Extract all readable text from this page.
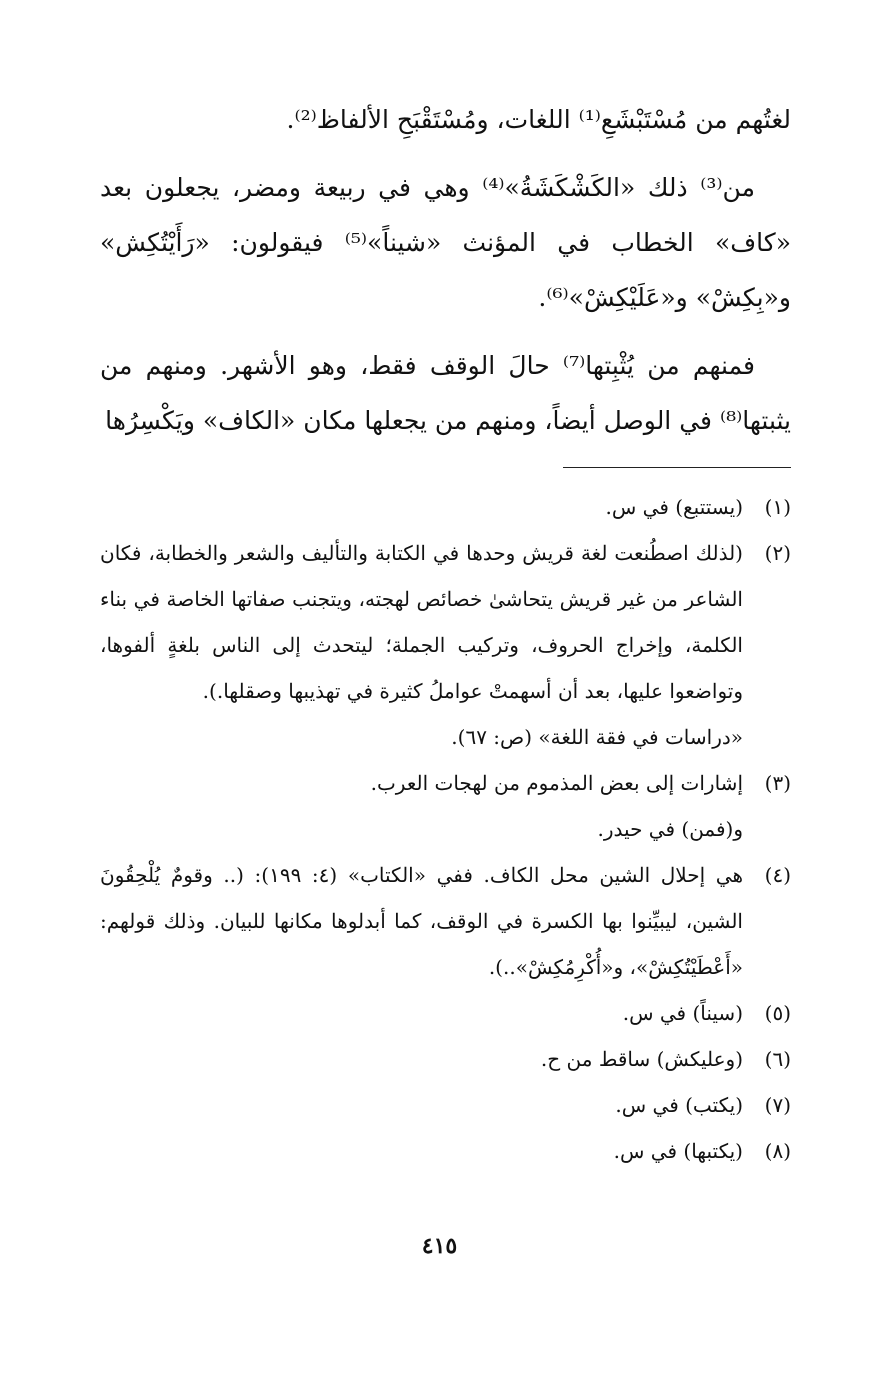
لغتُهم من مُسْتَبْشَعِ⁽¹⁾ اللغات، ومُسْتَقْبَحِ الألفاظ⁽²⁾.

من⁽³⁾ ذلك «الكَشْكَشَةُ»⁽⁴⁾ وهي في ربيعة ومضر، يجعلون بعد «كاف» الخطاب في المؤنث «شيناً»⁽⁵⁾ فيقولون: «رَأَيْتُكِش» و«بِكِشْ» و«عَلَيْكِشْ»⁽⁶⁾.

فمنهم من يُثْبِتها⁽⁷⁾ حالَ الوقف فقط، وهو الأشهر. ومنهم من يثبتها⁽⁸⁾ في الوصل أيضاً، ومنهم من يجعلها مكان «الكاف» ويَكْسِرُها

(١)

(يستتبع) في س.

(٢)

(لذلك اصطُنعت لغة قريش وحدها في الكتابة والتأليف والشعر والخطابة، فكان الشاعر من غير قريش يتحاشىٰ خصائص لهجته، ويتجنب صفاتها الخاصة في بناء الكلمة، وإخراج الحروف، وتركيب الجملة؛ ليتحدث إلى الناس بلغةٍ ألفوها، وتواضعوا عليها، بعد أن أسهمتْ عواملُ كثيرة في تهذيبها وصقلها.).

«دراسات في فقة اللغة» (ص: ٦٧).

(٣)

إشارات إلى بعض المذموم من لهجات العرب.

و(فمن) في حيدر.

(٤)

هي إحلال الشين محل الكاف. ففي «الكتاب» (٤: ١٩٩): (.. وقومٌ يُلْحِقُونَ الشين، ليبيِّنوا بها الكسرة في الوقف، كما أبدلوها مكانها للبيان. وذلك قولهم: «أَعْطَيْتُكِشْ»، و«أُكْرِمُكِشْ»..).

(٥)

(سيناً) في س.

(٦)

(وعليكش) ساقط من ح.

(٧)

(يكتب) في س.

(٨)

(يكتبها) في س.

٤١٥
